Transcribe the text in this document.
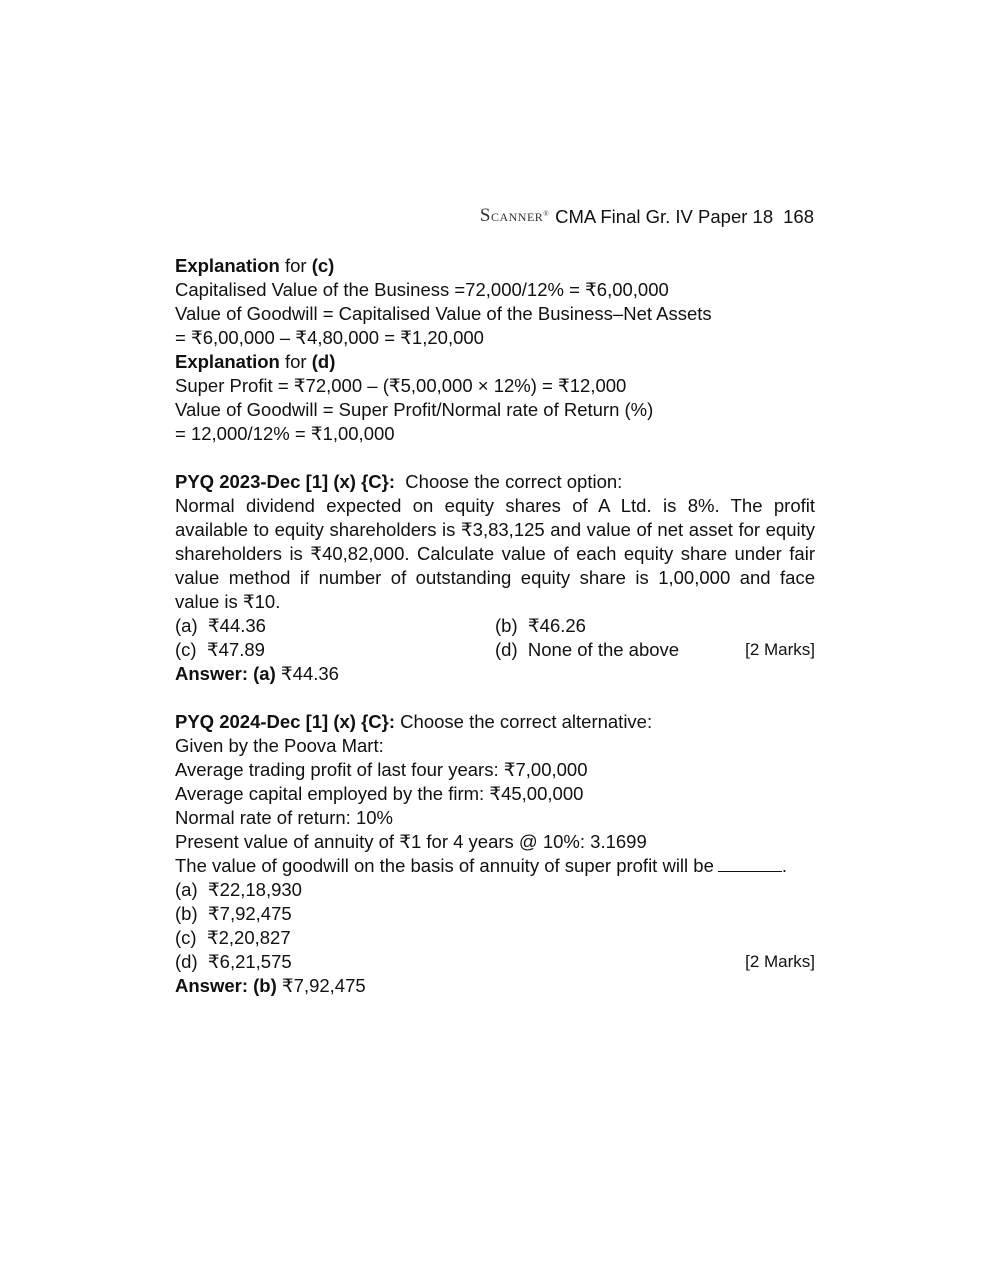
SCANNER® CMA Final Gr. IV Paper 18 168
Explanation for (c)
Capitalised Value of the Business =72,000/12% = ₹6,00,000
Value of Goodwill = Capitalised Value of the Business–Net Assets
= ₹6,00,000 – ₹4,80,000 = ₹1,20,000
Explanation for (d)
Super Profit = ₹72,000 – (₹5,00,000 × 12%) = ₹12,000
Value of Goodwill = Super Profit/Normal rate of Return (%)
= 12,000/12% = ₹1,00,000
PYQ 2023-Dec [1] (x) {C}:  Choose the correct option:
Normal dividend expected on equity shares of A Ltd. is 8%. The profit available to equity shareholders is ₹3,83,125 and value of net asset for equity shareholders is ₹40,82,000. Calculate value of each equity share under fair value method if number of outstanding equity share is 1,00,000 and face value is ₹10.
(a)  ₹44.36	(b)  ₹46.26
(c)  ₹47.89	(d)  None of the above	[2 Marks]
Answer: (a) ₹44.36
PYQ 2024-Dec [1] (x) {C}: Choose the correct alternative:
Given by the Poova Mart:
Average trading profit of last four years: ₹7,00,000
Average capital employed by the firm: ₹45,00,000
Normal rate of return: 10%
Present value of annuity of ₹1 for 4 years @ 10%: 3.1699
The value of goodwill on the basis of annuity of super profit will be	.
(a)  ₹22,18,930
(b)  ₹7,92,475
(c)  ₹2,20,827
(d)  ₹6,21,575	[2 Marks]
Answer: (b) ₹7,92,475
